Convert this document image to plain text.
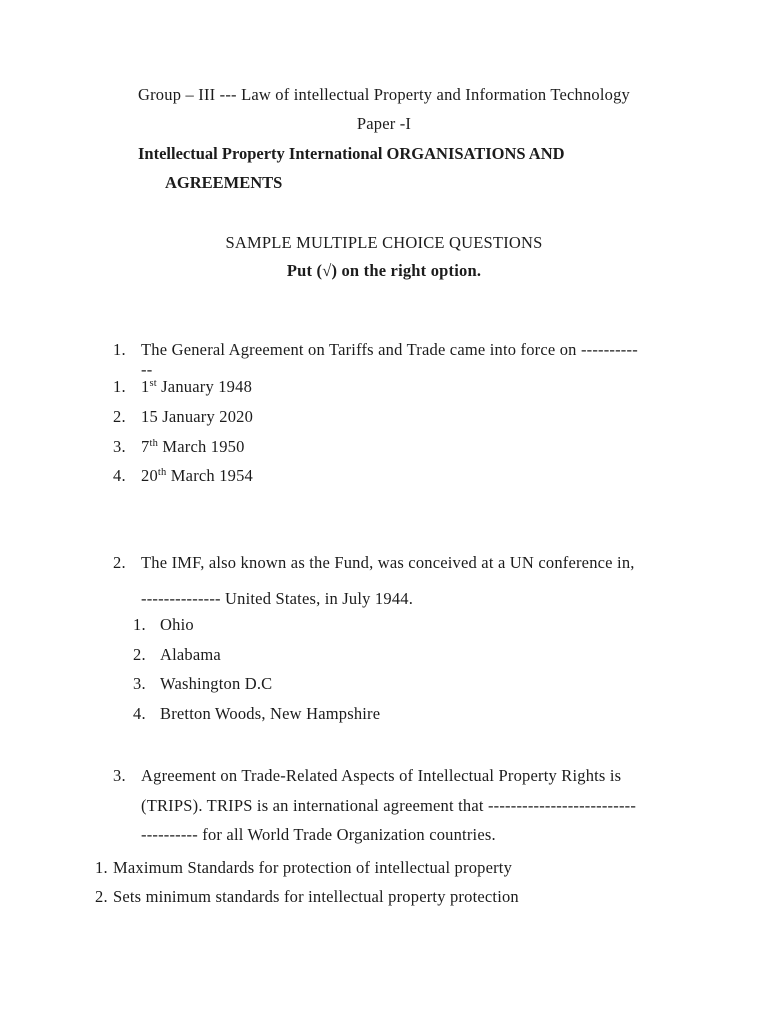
Group – III --- Law of intellectual Property and Information Technology
Paper -I
Intellectual Property International ORGANISATIONS AND
AGREEMENTS
SAMPLE MULTIPLE CHOICE QUESTIONS
Put (√) on the right option.
1. The General Agreement on Tariffs and Trade came into force on ----------
--
1. 1st January 1948
2. 15 January 2020
3. 7th March 1950
4. 20th March 1954
2. The IMF, also known as the Fund, was conceived at a UN conference in,
-------------- United States, in July 1944.
1. Ohio
2. Alabama
3. Washington D.C
4. Bretton Woods, New Hampshire
3. Agreement on Trade-Related Aspects of Intellectual Property Rights is
(TRIPS). TRIPS is an international agreement that --------------------------
---------- for all World Trade Organization countries.
1. Maximum Standards for protection of intellectual property
2. Sets minimum standards for intellectual property protection
